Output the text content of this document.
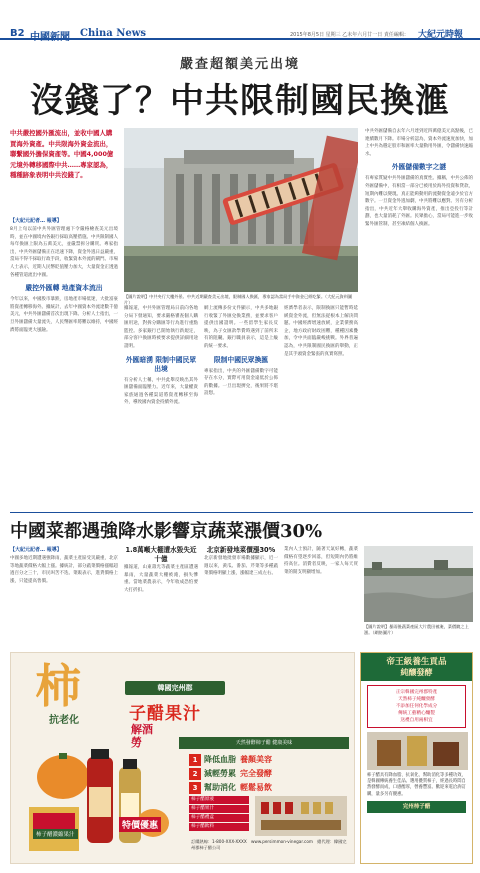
B2 中國新聞 China News	2015年8月5日 星期三 乙未年六月廿一日 責任編輯： 大紀元時報
嚴查超額美元出境
沒錢了？中共限制國民換滙
中共嚴控國外匯流出，並收中國人購買海外資產。中共限海外資金流出，聯繫國外擔保資產等。中國4,000億元境外轉移國際中共……專家認為，種種跡象表明中共沒錢了。
【大紀元記者… 報導】
8月上旬以前中共外匯管理處下令嚴格檢查美元出境時，並在中國境內各銀行採取高壓措施。中共限制國人每年換匯上限為五萬美元，並嚴禁拆分購買。專家指出，中共外匯儲備正在迅速下降，資金外逃日益嚴重，當局不得不採取行政手段，收緊資本外流的閘門。市場人士表示，近期人民幣貶值壓力加大，大量資金正透過各種管道流出中國。
嚴控外匯轉 地產資本流出
今年以來，中國股市暴跌，房地產市場低迷，大批富豪將資產轉移海外。據統計，去年中國資本外流達數千億美元，中共外匯儲備首次出現下降。分析人士指出，一旦外匯儲備大量流失，人民幣匯率將難以維持，中國經濟將面臨更大風險。
【圖片說明】中共央行大樓外景。中共近期嚴查美元出境，限制國人換匯，專家認為當局手中資金已經吃緊。（大紀元資料圖片）
據報道，中共外匯管理局日前向各地分局下發通知，要求嚴格審查個人購匯用途，對拆分購匯等行為進行重點監控。多家銀行已開始執行新規定，部分客戶換匯時被要求提供詳細用途證明。
外匯暗湧 限制中國民眾出境
有分析人士稱，中共此舉反映出其外匯儲備面臨壓力。近年來，大量權貴家族通過各種渠道將資產轉移至海外，導致國內資金持續外流。
網上流傳多份文件顯示，中共多地銀行收緊了外匯兌換業務，並要求客戶提供出國證明。一些留學生家長反映，為子女匯款學費時遇到了前所未有的阻礙。銀行職員表示，這是上級的統一要求。
限制中國民眾換匯
專家指出，中共的外匯儲備數字可能存在水分，實際可用資金遠低於公佈的數據。一旦出現擠兌，後果將不堪設想。
經濟學者表示，限制換匯只能暫時延緩資金外流，但無法從根本上解決問題。中國經濟增速放緩，企業債務高企，地方政府財政困難，種種因素疊加，令中共面臨嚴峻挑戰。外界普遍認為，中共限制國民換匯的舉動，正是其手頭資金緊張的真實寫照。
中共外匯儲備自去年六月達到近四萬億美元高點後，已連續數月下降。市場分析認為，資本外流速度加快，加上中共為穩定股市和匯率大量動用外匯，令儲備快速縮水。
外匯儲備數字之謎
有專家質疑中共外匯儲備的真實性。據稱，中共公佈的外匯儲備中，有相當一部分已被用於海外投資和貸款，短期內難以變現。真正能夠動用的流動資金遠少於官方數字。一旦資金外逃加劇，中共將難以應對。另有分析指出，中共近年大舉收購海外資產，推出亞投行等計劃，也大量消耗了外匯。民眾擔心，當局可能進一步收緊外匯管制，甚至凍結個人換匯。
中國菜都遇強降水影響京蔬菜漲價30%
【大紀元記者… 報導】
中國多地近期遭遇強降雨，蔬菜主產區受災嚴重，北京等地蔬菜價格大幅上漲。據統計，部分蔬菜價格漲幅超過百分之三十，市民叫苦不迭。菜販表示，進貨價格上漲，只能提高售價。
1.8萬噸大棚遭水毀失近十億
據報道，山東壽光等蔬菜主產區遭遇暴雨，大量蔬菜大棚被淹，損失慘重。當地菜農表示，今年收成恐怕要大打折扣。
北京新發地菜價漲30%
北京新發地批發市場數據顯示，近一週以來，黃瓜、番茄、芹菜等多種蔬菜價格明顯上漲，漲幅達三成左右。
業內人士預計，隨著天氣好轉，蔬菜價格有望逐步回落，但短期內仍將維持高位。消費者反映，一家人每天買菜的開支明顯增加。
【圖片說明】暴雨後蔬菜產區大片農田被淹，菜價隨之上漲。（網絡圖片）
柿	韓國完州郡
子醋果汁
抗老化
解酒勞	天然發酵柿子醋 健康美味
1 降低血脂 養顏美容
2 減輕勞累 完全發酵
3 幫助消化 輕鬆易飲
特價優惠
柿子醋濃縮果汁
柿子醋原液
柿子醋果汁
柿子醋禮盒
柿子醋飲料
訂購熱線：1-800-XXX-XXXX　www.persimmon-vinegar.com　總代理：韓國完州郡柿子醋公司
帝王級養生貢品
純釀發酵
正宗韓國完州郡特產
天然柿子純釀發酵
不添加任何化學成分
傳統工藝精心釀製
送禮自用兩相宜
柿子醋具有降血脂、抗氧化、幫助消化等多種功效，是韓國傳統養生佳品。選用優質柿子，經過長時間自然發酵而成，口感醇厚，營養豐富。歡迎來電洽詢訂購，量多另有優惠。
完州柿子醋
